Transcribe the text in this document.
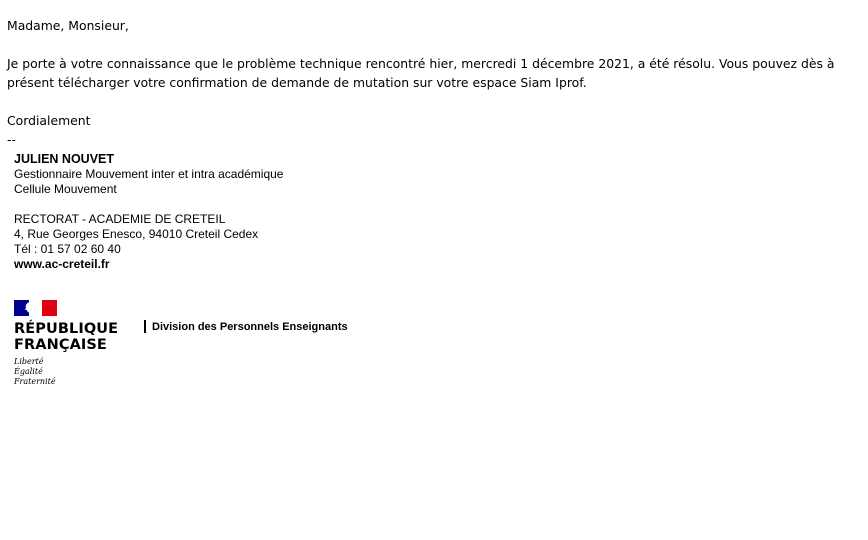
Madame, Monsieur,

Je porte à votre connaissance que le problème technique rencontré hier, mercredi 1 décembre 2021, a été résolu. Vous pouvez dès à

présent télécharger votre confirmation de demande de mutation sur votre espace Siam Iprof.

Cordialement

--

JULIEN NOUVET
Gestionnaire Mouvement inter et intra académique
Cellule Mouvement
RECTORAT - ACADEMIE DE CRETEIL
4, Rue Georges Enesco, 94010 Creteil Cedex
Tél : 01 57 02 60 40
www.ac-creteil.fr
RÉPUBLIQUE
FRANÇAISE
Liberté
Égalité
Fraternité
Division des Personnels Enseignants
